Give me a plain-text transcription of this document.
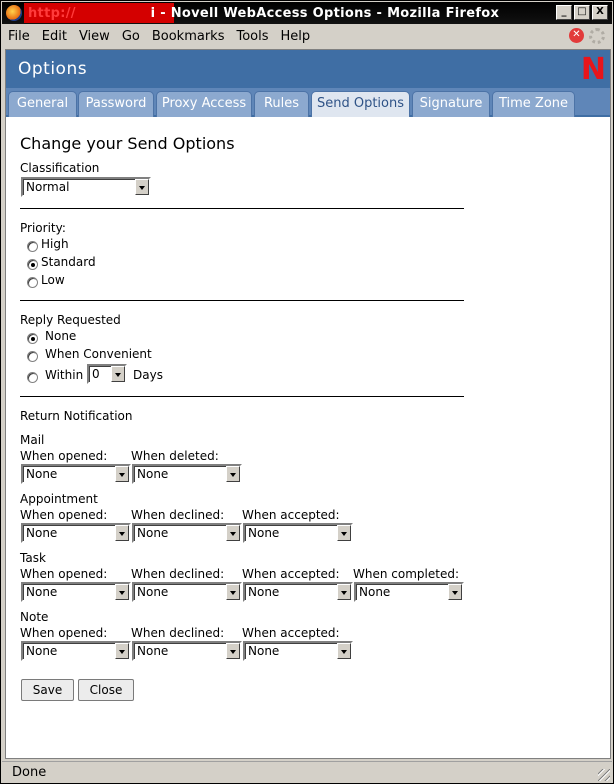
http://	i - Novell WebAccess Options - Mozilla Firefox	_	□ X
File Edit View Go Bookmarks Tools Help	✕
Options	N
General	Password	Proxy Access	Rules	Send Options	Signature	Time Zone
Change your Send Options
Classification
Normal
Priority:
High
Standard
Low
Reply Requested
None
When Convenient
Within 0	Days
Return Notification
Mail
When opened: When deleted:
None	None
Appointment
When opened: When declined: When accepted:
None	None	None
Task
When opened: When declined: When accepted: When completed:
None	None	None	None
Note
When opened: When declined: When accepted:
None	None	None
Save	Close
Done
